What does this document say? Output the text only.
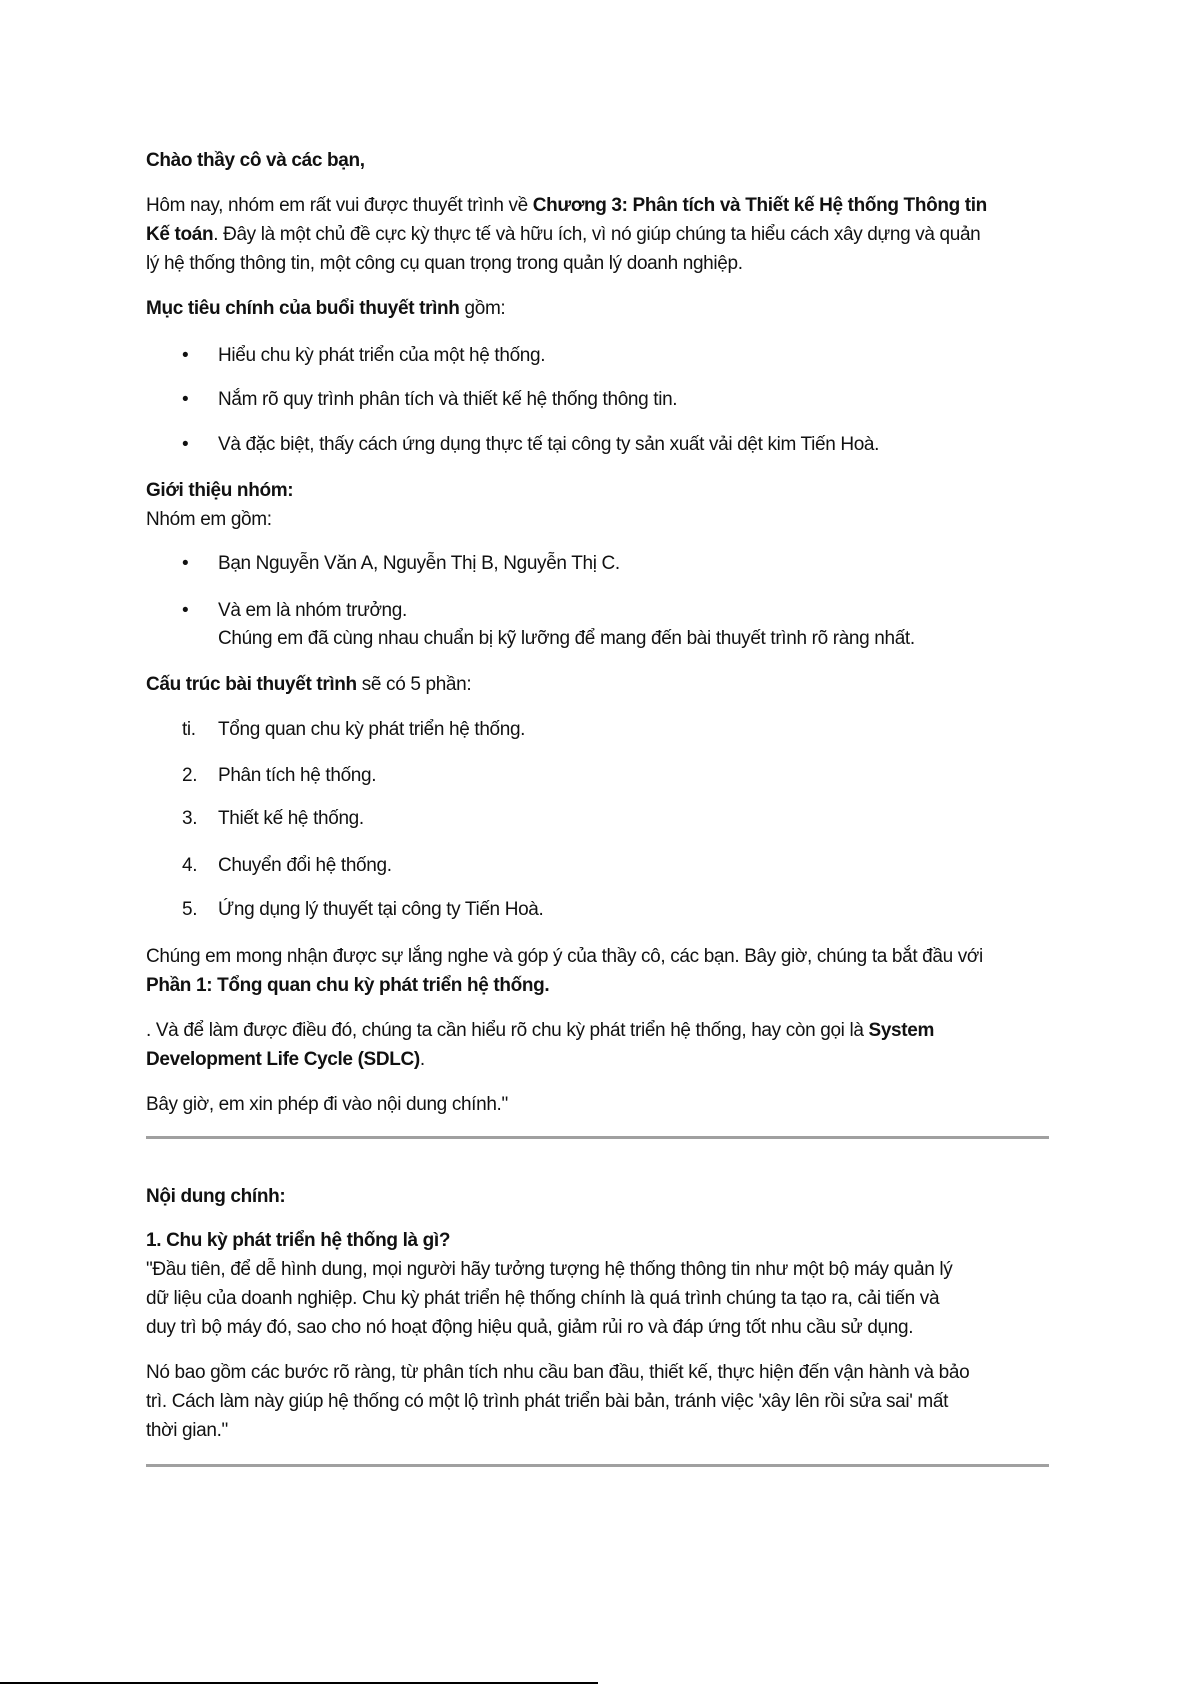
Chào thầy cô và các bạn,
Hôm nay, nhóm em rất vui được thuyết trình về Chương 3: Phân tích và Thiết kế Hệ thống Thông tin
Kế toán. Đây là một chủ đề cực kỳ thực tế và hữu ích, vì nó giúp chúng ta hiểu cách xây dựng và quản
lý hệ thống thông tin, một công cụ quan trọng trong quản lý doanh nghiệp.
Mục tiêu chính của buổi thuyết trình gồm:
Giới thiệu nhóm:
Nhóm em gồm:
Cấu trúc bài thuyết trình sẽ có 5 phần:
Chúng em mong nhận được sự lắng nghe và góp ý của thầy cô, các bạn. Bây giờ, chúng ta bắt đầu với
Phần 1: Tổng quan chu kỳ phát triển hệ thống.
. Và để làm được điều đó, chúng ta cần hiểu rõ chu kỳ phát triển hệ thống, hay còn gọi là System
Development Life Cycle (SDLC).
Bây giờ, em xin phép đi vào nội dung chính."
Nội dung chính:
1. Chu kỳ phát triển hệ thống là gì?
"Đầu tiên, để dễ hình dung, mọi người hãy tưởng tượng hệ thống thông tin như một bộ máy quản lý
dữ liệu của doanh nghiệp. Chu kỳ phát triển hệ thống chính là quá trình chúng ta tạo ra, cải tiến và
duy trì bộ máy đó, sao cho nó hoạt động hiệu quả, giảm rủi ro và đáp ứng tốt nhu cầu sử dụng.
Nó bao gồm các bước rõ ràng, từ phân tích nhu cầu ban đầu, thiết kế, thực hiện đến vận hành và bảo
trì. Cách làm này giúp hệ thống có một lộ trình phát triển bài bản, tránh việc 'xây lên rồi sửa sai' mất
thời gian."
• Hiểu chu kỳ phát triển của một hệ thống.
• Nắm rõ quy trình phân tích và thiết kế hệ thống thông tin.
• Và đặc biệt, thấy cách ứng dụng thực tế tại công ty sản xuất vải dệt kim Tiến Hoà.
• Bạn Nguyễn Văn A, Nguyễn Thị B, Nguyễn Thị C.
• Và em là nhóm trưởng.
Chúng em đã cùng nhau chuẩn bị kỹ lưỡng để mang đến bài thuyết trình rõ ràng nhất.
ti. Tổng quan chu kỳ phát triển hệ thống.
2. Phân tích hệ thống.
3. Thiết kế hệ thống.
4. Chuyển đổi hệ thống.
5. Ứng dụng lý thuyết tại công ty Tiến Hoà.
